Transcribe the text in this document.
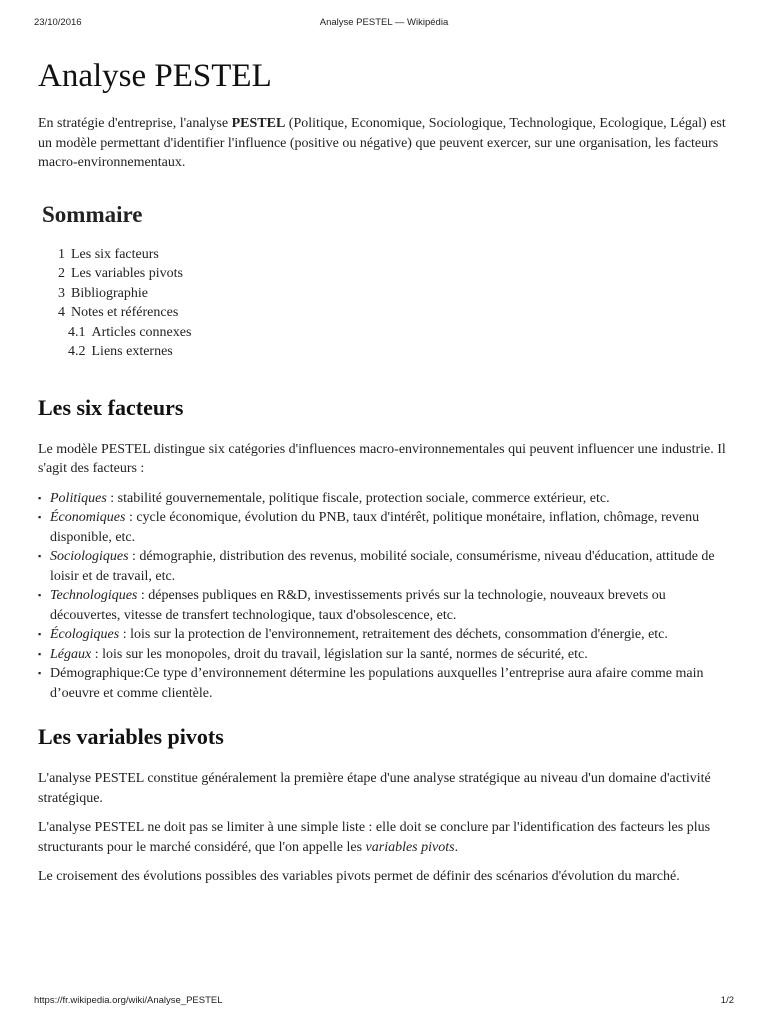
23/10/2016	Analyse PESTEL — Wikipédia
Analyse PESTEL

En stratégie d'entreprise, l'analyse PESTEL (Politique, Economique, Sociologique, Technologique, Ecologique, Légal) est un modèle permettant d'identifier l'influence (positive ou négative) que peuvent exercer, sur une organisation, les facteurs macro-environnementaux.

Sommaire
1 Les six facteurs
2 Les variables pivots
3 Bibliographie
4 Notes et références
4.1 Articles connexes
4.2 Liens externes
Les six facteurs

Le modèle PESTEL distingue six catégories d'influences macro-environnementales qui peuvent influencer une industrie. Il s'agit des facteurs :

▪ Politiques : stabilité gouvernementale, politique fiscale, protection sociale, commerce extérieur, etc.
▪ Économiques : cycle économique, évolution du PNB, taux d'intérêt, politique monétaire, inflation, chômage, revenu disponible, etc.
▪ Sociologiques : démographie, distribution des revenus, mobilité sociale, consumérisme, niveau d'éducation, attitude de loisir et de travail, etc.
▪ Technologiques : dépenses publiques en R&D, investissements privés sur la technologie, nouveaux brevets ou découvertes, vitesse de transfert technologique, taux d'obsolescence, etc.
▪ Écologiques : lois sur la protection de l'environnement, retraitement des déchets, consommation d'énergie, etc.
▪ Légaux : lois sur les monopoles, droit du travail, législation sur la santé, normes de sécurité, etc.
▪ Démographique:Ce type d’environnement détermine les populations auxquelles l’entreprise aura afaire comme main d’oeuvre et comme clientèle.
Les variables pivots

L'analyse PESTEL constitue généralement la première étape d'une analyse stratégique au niveau d'un domaine d'activité stratégique.

L'analyse PESTEL ne doit pas se limiter à une simple liste : elle doit se conclure par l'identification des facteurs les plus structurants pour le marché considéré, que l'on appelle les variables pivots.

Le croisement des évolutions possibles des variables pivots permet de définir des scénarios d'évolution du marché.

https://fr.wikipedia.org/wiki/Analyse_PESTEL	1/2
